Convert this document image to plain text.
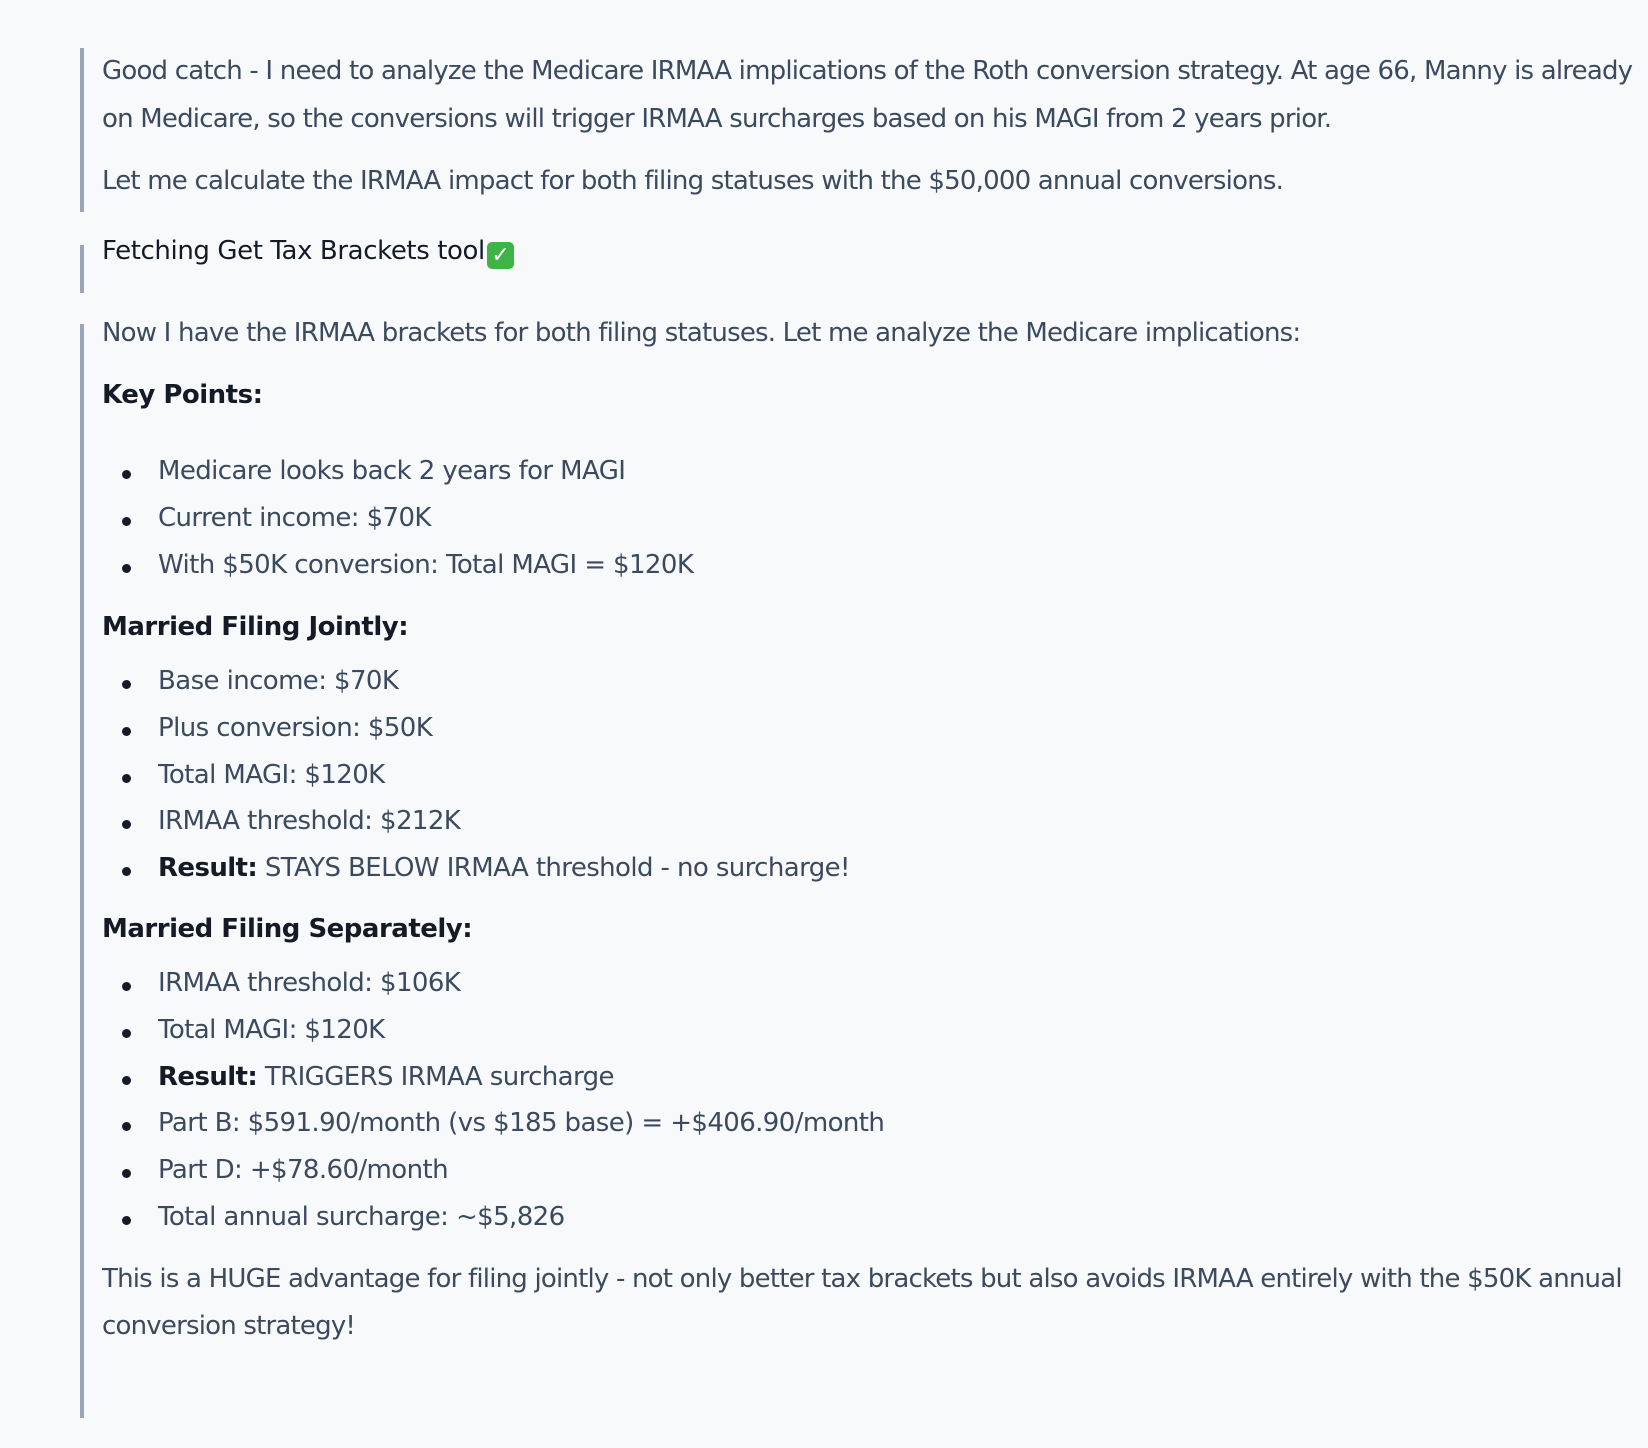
Good catch - I need to analyze the Medicare IRMAA implications of the Roth conversion strategy. At age 66, Manny is already
on Medicare, so the conversions will trigger IRMAA surcharges based on his MAGI from 2 years prior.
Let me calculate the IRMAA impact for both filing statuses with the $50,000 annual conversions.
Fetching Get Tax Brackets tool ✓
Now I have the IRMAA brackets for both filing statuses. Let me analyze the Medicare implications:
Key Points:
Medicare looks back 2 years for MAGI
Current income: $70K
With $50K conversion: Total MAGI = $120K
Married Filing Jointly:
Base income: $70K
Plus conversion: $50K
Total MAGI: $120K
IRMAA threshold: $212K
Result: STAYS BELOW IRMAA threshold - no surcharge!
Married Filing Separately:
IRMAA threshold: $106K
Total MAGI: $120K
Result: TRIGGERS IRMAA surcharge
Part B: $591.90/month (vs $185 base) = +$406.90/month
Part D: +$78.60/month
Total annual surcharge: ~$5,826
This is a HUGE advantage for filing jointly - not only better tax brackets but also avoids IRMAA entirely with the $50K annual
conversion strategy!
